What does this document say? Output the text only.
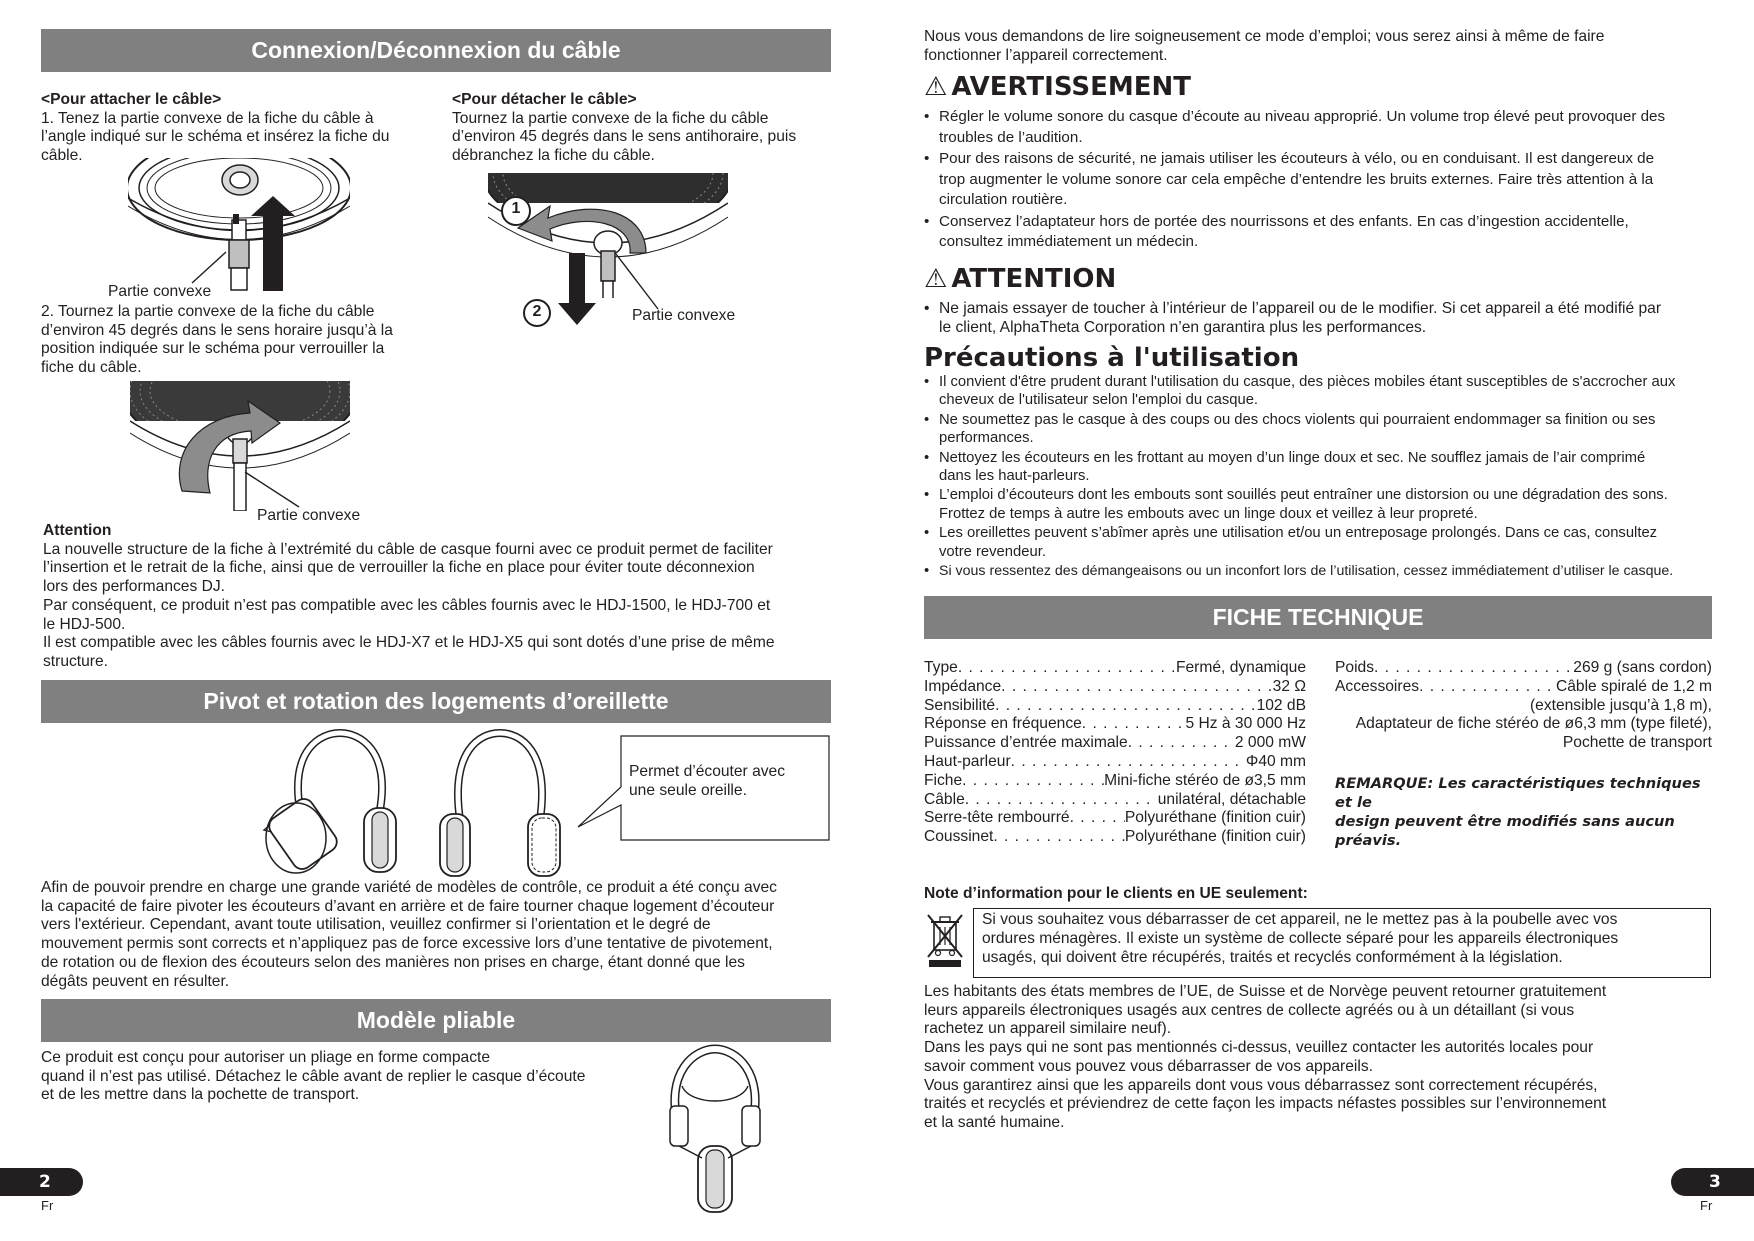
Connexion/Déconnexion du câble
<Pour attacher le câble>
1. Tenez la partie convexe de la fiche du câble à
l’angle indiqué sur le schéma et insérez la fiche du
câble.
Partie convexe
2. Tournez la partie convexe de la fiche du câble
d’environ 45 degrés dans le sens horaire jusqu’à la
position indiquée sur le schéma pour verrouiller la
fiche du câble.
Partie convexe
<Pour détacher le câble>
Tournez la partie convexe de la fiche du câble
d’environ 45 degrés dans le sens antihoraire, puis
débranchez la fiche du câble.
1
2	Partie convexe
Attention
La nouvelle structure de la fiche à l’extrémité du câble de casque fourni avec ce produit permet de faciliter
l’insertion et le retrait de la fiche, ainsi que de verrouiller la fiche en place pour éviter toute déconnexion
lors des performances DJ.
Par conséquent, ce produit n’est pas compatible avec les câbles fournis avec le HDJ-1500, le HDJ-700 et
le HDJ-500.
Il est compatible avec les câbles fournis avec le HDJ-X7 et le HDJ-X5 qui sont dotés d’une prise de même
structure.
Pivot et rotation des logements d’oreillette
Permet d’écouter avec
une seule oreille.
Afin de pouvoir prendre en charge une grande variété de modèles de contrôle, ce produit a été conçu avec
la capacité de faire pivoter les écouteurs d’avant en arrière et de faire tourner chaque logement d’écouteur
vers l'extérieur. Cependant, avant toute utilisation, veuillez confirmer si l’orientation et le degré de
mouvement permis sont corrects et n’appliquez pas de force excessive lors d’une tentative de pivotement,
de rotation ou de flexion des écouteurs selon des manières non prises en charge, étant donné que les
dégâts peuvent en résulter.
Modèle pliable
Ce produit est conçu pour autoriser un pliage en forme compacte
quand il n’est pas utilisé. Détachez le câble avant de replier le casque d’écoute
et de les mettre dans la pochette de transport.
2
Fr
Nous vous demandons de lire soigneusement ce mode d’emploi; vous serez ainsi à même de faire
fonctionner l’appareil correctement.
⚠ AVERTISSEMENT
• Régler le volume sonore du casque d’écoute au niveau approprié. Un volume trop élevé peut provoquer des
troubles de l’audition.
• Pour des raisons de sécurité, ne jamais utiliser les écouteurs à vélo, ou en conduisant. Il est dangereux de
trop augmenter le volume sonore car cela empêche d’entendre les bruits externes. Faire très attention à la
circulation routière.
• Conservez l’adaptateur hors de portée des nourrissons et des enfants. En cas d’ingestion accidentelle,
consultez immédiatement un médecin.
⚠ ATTENTION
• Ne jamais essayer de toucher à l’intérieur de l’appareil ou de le modifier. Si cet appareil a été modifié par
le client, AlphaTheta Corporation n’en garantira plus les performances.
Précautions à l'utilisation
• Il convient d'être prudent durant l'utilisation du casque, des pièces mobiles étant susceptibles de s'accrocher aux
cheveux de l'utilisateur selon l'emploi du casque.
• Ne soumettez pas le casque à des coups ou des chocs violents qui pourraient endommager sa finition ou ses
performances.
• Nettoyez les écouteurs en les frottant au moyen d’un linge doux et sec. Ne soufflez jamais de l’air comprimé
dans les haut-parleurs.
• L’emploi d’écouteurs dont les embouts sont souillés peut entraîner une distorsion ou une dégradation des sons.
Frottez de temps à autre les embouts avec un linge doux et veillez à leur propreté.
• Les oreillettes peuvent s’abîmer après une utilisation et/ou un entreposage prolongés. Dans ce cas, consultez
votre revendeur.
• Si vous ressentez des démangeaisons ou un inconfort lors de l’utilisation, cessez immédiatement d’utiliser le casque.
FICHE TECHNIQUE
Type . . .	Fermé, dynamique
Impédance . . .	32 Ω
Sensibilité . . .	102 dB
Réponse en fréquence . . .	5 Hz à 30 000 Hz
Puissance d’entrée maximale . . .	2 000 mW
Haut-parleur . . .	Φ40 mm
Fiche . . .	Mini-fiche stéréo de ø3,5 mm
Câble . . .	unilatéral, détachable
Serre-tête rembourré . . .	Polyuréthane (finition cuir)
Coussinet . . .	Polyuréthane (finition cuir)
Poids . . .	269 g (sans cordon)
Accessoires . . .	Câble spiralé de 1,2 m
(extensible jusqu’à 1,8 m),
Adaptateur de fiche stéréo de ø6,3 mm (type fileté),
Pochette de transport
REMARQUE: Les caractéristiques techniques et le
design peuvent être modifiés sans aucun préavis.
Note d’information pour le clients en UE seulement:
Si vous souhaitez vous débarrasser de cet appareil, ne le mettez pas à la poubelle avec vos
ordures ménagères. Il existe un système de collecte séparé pour les appareils électroniques
usagés, qui doivent être récupérés, traités et recyclés conformément à la législation.
Les habitants des états membres de l’UE, de Suisse et de Norvège peuvent retourner gratuitement
leurs appareils électroniques usagés aux centres de collecte agréés ou à un détaillant (si vous
rachetez un appareil similaire neuf).
Dans les pays qui ne sont pas mentionnés ci-dessus, veuillez contacter les autorités locales pour
savoir comment vous pouvez vous débarrasser de vos appareils.
Vous garantirez ainsi que les appareils dont vous vous débarrassez sont correctement récupérés,
traités et recyclés et préviendrez de cette façon les impacts néfastes possibles sur l’environnement
et la santé humaine.
3
Fr
